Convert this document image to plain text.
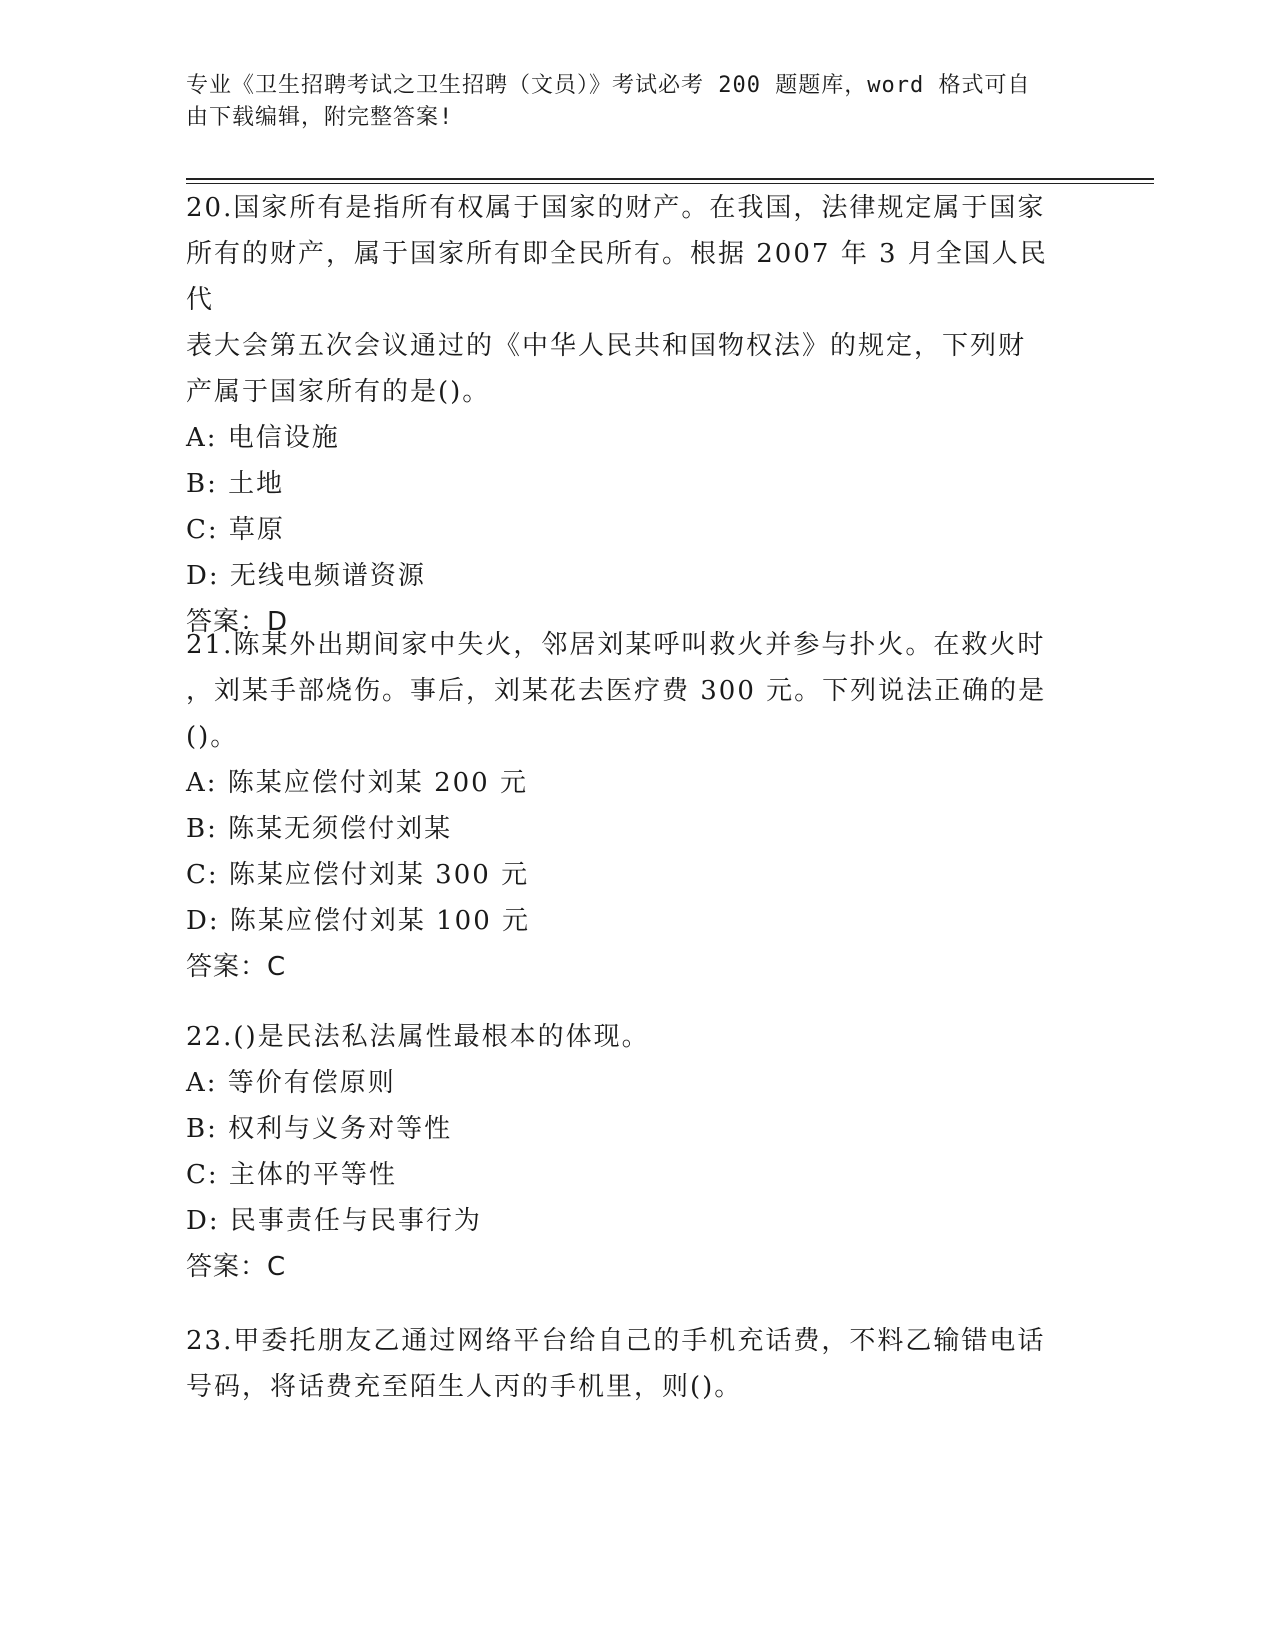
专业《卫生招聘考试之卫生招聘（文员）》考试必考 200 题题库，word 格式可自
由下载编辑，附完整答案!

20.国家所有是指所有权属于国家的财产。在我国，法律规定属于国家

所有的财产，属于国家所有即全民所有。根据 2007 年 3 月全国人民代

表大会第五次会议通过的《中华人民共和国物权法》的规定，下列财

产属于国家所有的是()。

A: 电信设施

B: 土地

C: 草原

D: 无线电频谱资源

答案：D

21.陈某外出期间家中失火，邻居刘某呼叫救火并参与扑火。在救火时

，刘某手部烧伤。事后，刘某花去医疗费 300 元。下列说法正确的是

()。

A: 陈某应偿付刘某 200 元

B: 陈某无须偿付刘某

C: 陈某应偿付刘某 300 元

D: 陈某应偿付刘某 100 元

答案：C

22.()是民法私法属性最根本的体现。

A: 等价有偿原则

B: 权利与义务对等性

C: 主体的平等性

D: 民事责任与民事行为

答案：C

23.甲委托朋友乙通过网络平台给自己的手机充话费，不料乙输错电话

号码，将话费充至陌生人丙的手机里，则()。
